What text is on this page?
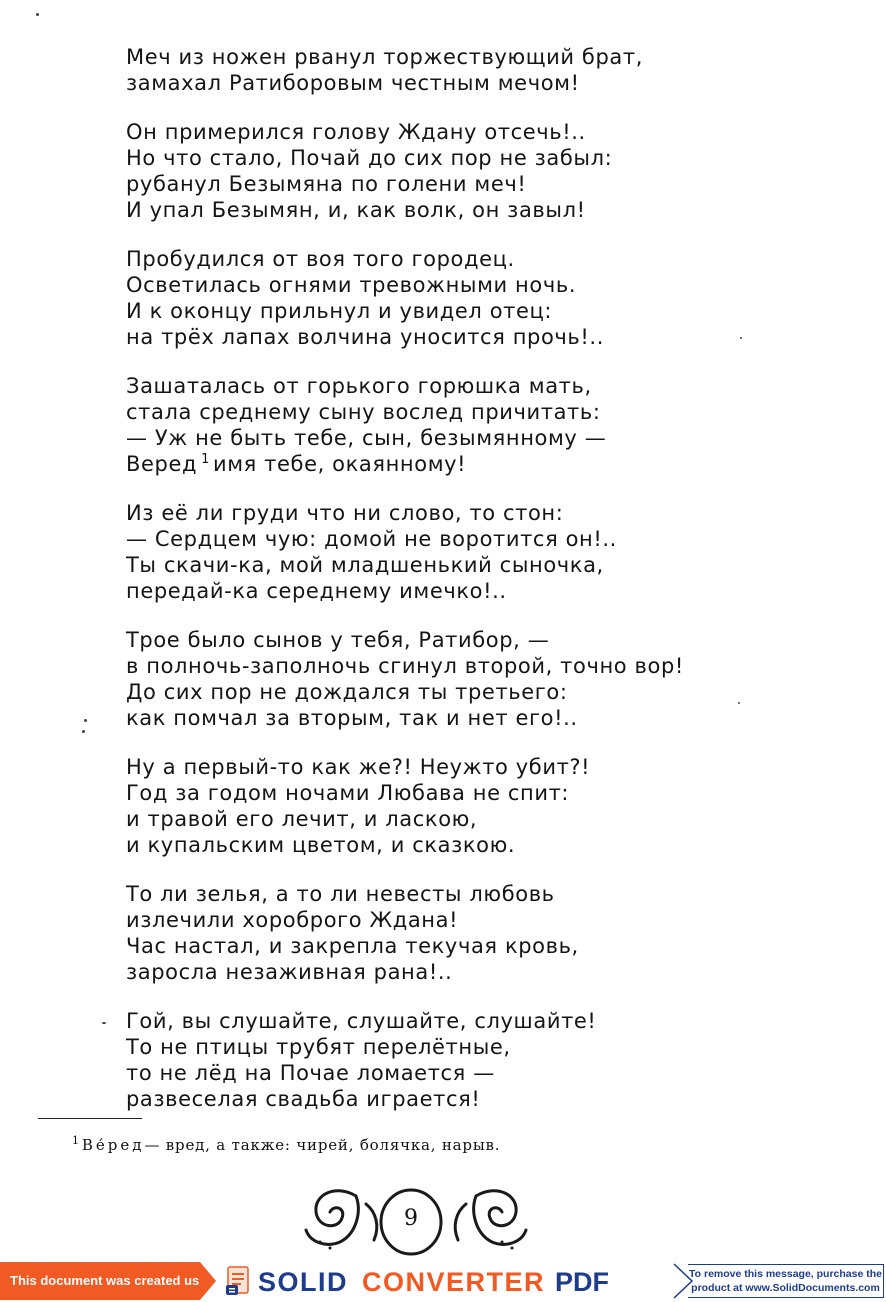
Меч из ножен рванул торжествующий брат,
замахал Ратиборовым честным мечом!
Он примерился голову Ждану отсечь!..
Но что стало, Почай до сих пор не забыл:
рубанул Безымяна по голени меч!
И упал Безымян, и, как волк, он завыл!
Пробудился от воя того городец.
Осветилась огнями тревожными ночь.
И к оконцу прильнул и увидел отец:
на трёх лапах волчина уносится прочь!..
Зашаталась от горького горюшка мать,
стала среднему сыну вослед причитать:
— Уж не быть тебе, сын, безымянному —
Веред $^1$ имя тебе, окаянному!
Из её ли груди что ни слово, то стон:
— Сердцем чую: домой не воротится он!..
Ты скачи-ка, мой младшенький сыночка,
передай-ка середнему имечко!..
Трое было сынов у тебя, Ратибор, —
в полночь-заполночь сгинул второй, точно вор!
До сих пор не дождался ты третьего:
как помчал за вторым, так и нет его!..
Ну а первый-то как же?! Неужто убит?!
Год за годом ночами Любава не спит:
и травой его лечит, и ласкою,
и купальским цветом, и сказкою.
То ли зелья, а то ли невесты любовь
излечили хороброго Ждана!
Час настал, и закрепла текучая кровь,
заросла незаживная рана!..
Гой, вы слушайте, слушайте, слушайте!
То не птицы трубят перелётные,
то не лёд на Почае ломается —
развеселая свадьба играется!
$^1$ Ве́ред— вред, а также: чирей, болячка, нарыв.
9
This document was created using SOLID CONVERTER PDF	To remove this message, purchase the
product at www.SolidDocuments.com
